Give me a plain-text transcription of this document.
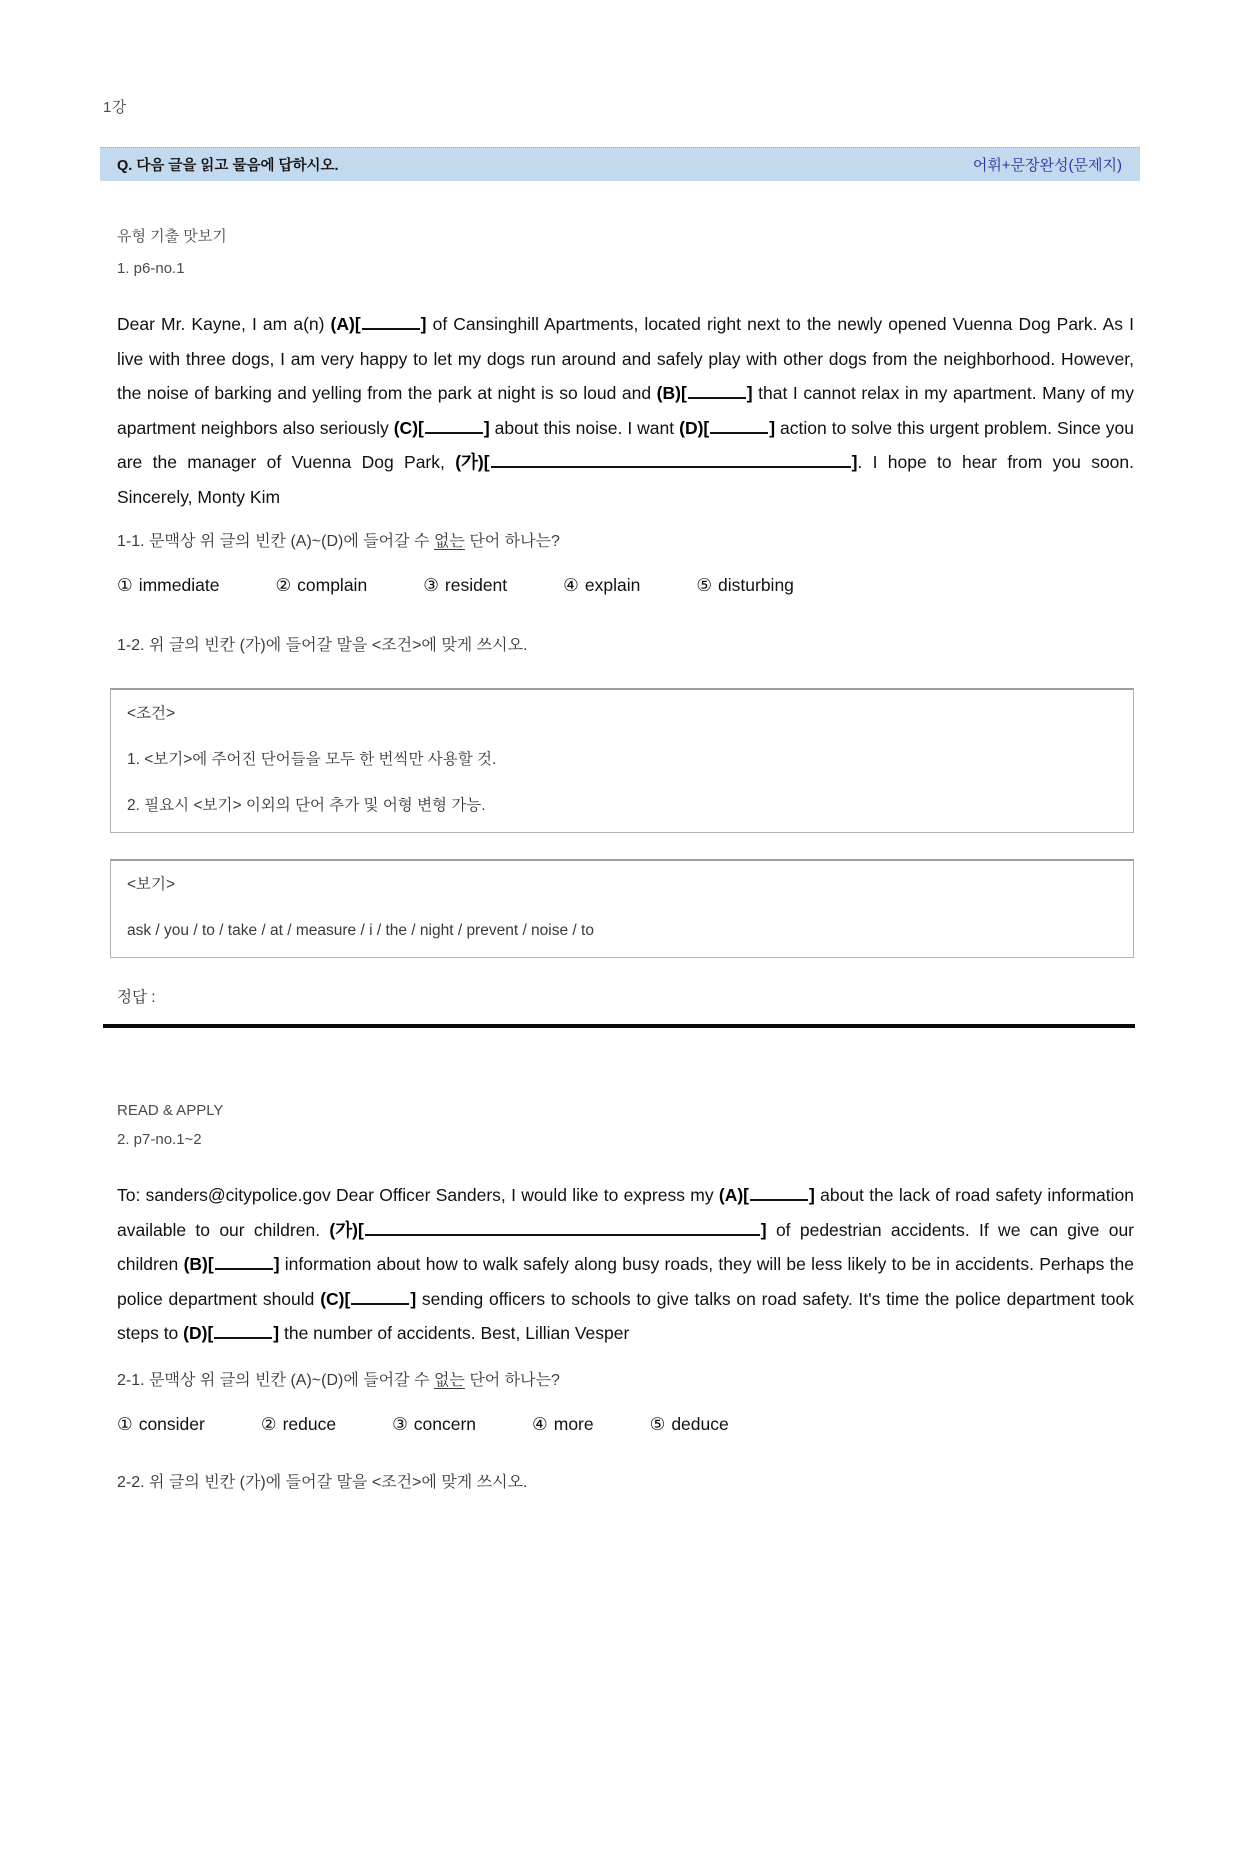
1강
Q. 다음 글을 읽고 물음에 답하시오.	어휘+문장완성(문제지)
유형 기출 맛보기
1. p6-no.1

Dear Mr. Kayne, I am a(n) (A)[	] of Cansinghill Apartments, located right next to the newly opened Vuenna Dog Park. As I live with three dogs, I am very happy to let my dogs run around and safely play with other dogs from the neighborhood. However, the noise of barking and yelling from the park at night is so loud and (B)[	] that I cannot relax in my apartment. Many of my apartment neighbors also seriously (C)[	] about this noise. I want (D)[	] action to solve this urgent problem. Since you are the manager of Vuenna Dog Park, (가)[	]. I hope to hear from you soon. Sincerely, Monty Kim

1-1. 문맥상 위 글의 빈칸 (A)~(D)에 들어갈 수 없는 단어 하나는?
① immediate	② complain	③ resident	④ explain	⑤ disturbing
1-2. 위 글의 빈칸 (가)에 들어갈 말을 <조건>에 맞게 쓰시오.
<조건>
1. <보기>에 주어진 단어들을 모두 한 번씩만 사용할 것.
2. 필요시 <보기> 이외의 단어 추가 및 어형 변형 가능.
<보기>
ask / you / to / take / at / measure / i / the / night / prevent / noise / to
정답 :
READ & APPLY
2. p7-no.1~2

To: sanders@citypolice.gov Dear Officer Sanders, I would like to express my (A)[	] about the lack of road safety information available to our children. (가)[	] of pedestrian accidents. If we can give our children (B)[	] information about how to walk safely along busy roads, they will be less likely to be in accidents. Perhaps the police department should (C)[	] sending officers to schools to give talks on road safety. It's time the police department took steps to (D)[	] the number of accidents. Best, Lillian Vesper

2-1. 문맥상 위 글의 빈칸 (A)~(D)에 들어갈 수 없는 단어 하나는?
① consider	② reduce	③ concern	④ more	⑤ deduce
2-2. 위 글의 빈칸 (가)에 들어갈 말을 <조건>에 맞게 쓰시오.
